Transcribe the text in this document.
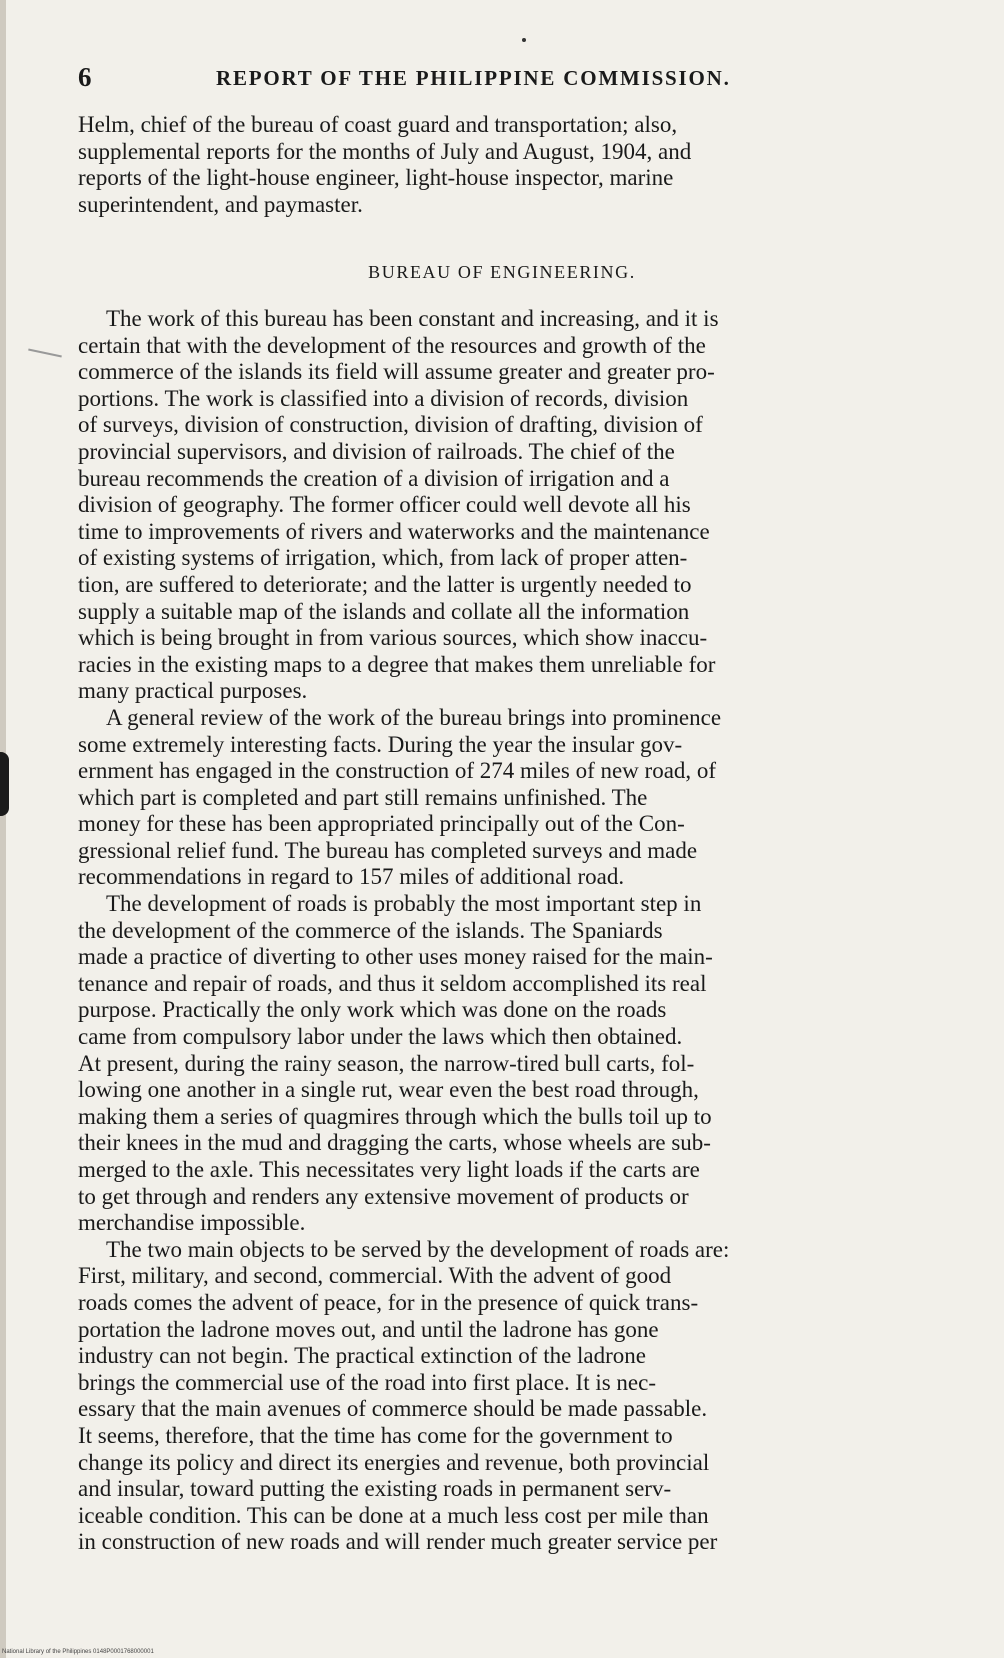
6	REPORT OF THE PHILIPPINE COMMISSION.
Helm, chief of the bureau of coast guard and transportation; also,
supplemental reports for the months of July and August, 1904, and
reports of the light-house engineer, light-house inspector, marine
superintendent, and paymaster.
BUREAU OF ENGINEERING.
The work of this bureau has been constant and increasing, and it is
certain that with the development of the resources and growth of the
commerce of the islands its field will assume greater and greater pro-
portions. The work is classified into a division of records, division
of surveys, division of construction, division of drafting, division of
provincial supervisors, and division of railroads. The chief of the
bureau recommends the creation of a division of irrigation and a
division of geography. The former officer could well devote all his
time to improvements of rivers and waterworks and the maintenance
of existing systems of irrigation, which, from lack of proper atten-
tion, are suffered to deteriorate; and the latter is urgently needed to
supply a suitable map of the islands and collate all the information
which is being brought in from various sources, which show inaccu-
racies in the existing maps to a degree that makes them unreliable for
many practical purposes.
A general review of the work of the bureau brings into prominence
some extremely interesting facts. During the year the insular gov-
ernment has engaged in the construction of 274 miles of new road, of
which part is completed and part still remains unfinished. The
money for these has been appropriated principally out of the Con-
gressional relief fund. The bureau has completed surveys and made
recommendations in regard to 157 miles of additional road.
The development of roads is probably the most important step in
the development of the commerce of the islands. The Spaniards
made a practice of diverting to other uses money raised for the main-
tenance and repair of roads, and thus it seldom accomplished its real
purpose. Practically the only work which was done on the roads
came from compulsory labor under the laws which then obtained.
At present, during the rainy season, the narrow-tired bull carts, fol-
lowing one another in a single rut, wear even the best road through,
making them a series of quagmires through which the bulls toil up to
their knees in the mud and dragging the carts, whose wheels are sub-
merged to the axle. This necessitates very light loads if the carts are
to get through and renders any extensive movement of products or
merchandise impossible.
The two main objects to be served by the development of roads are:
First, military, and second, commercial. With the advent of good
roads comes the advent of peace, for in the presence of quick trans-
portation the ladrone moves out, and until the ladrone has gone
industry can not begin. The practical extinction of the ladrone
brings the commercial use of the road into first place. It is nec-
essary that the main avenues of commerce should be made passable.
It seems, therefore, that the time has come for the government to
change its policy and direct its energies and revenue, both provincial
and insular, toward putting the existing roads in permanent serv-
iceable condition. This can be done at a much less cost per mile than
in construction of new roads and will render much greater service per
National Library of the Philippines 0148P0001768000001
